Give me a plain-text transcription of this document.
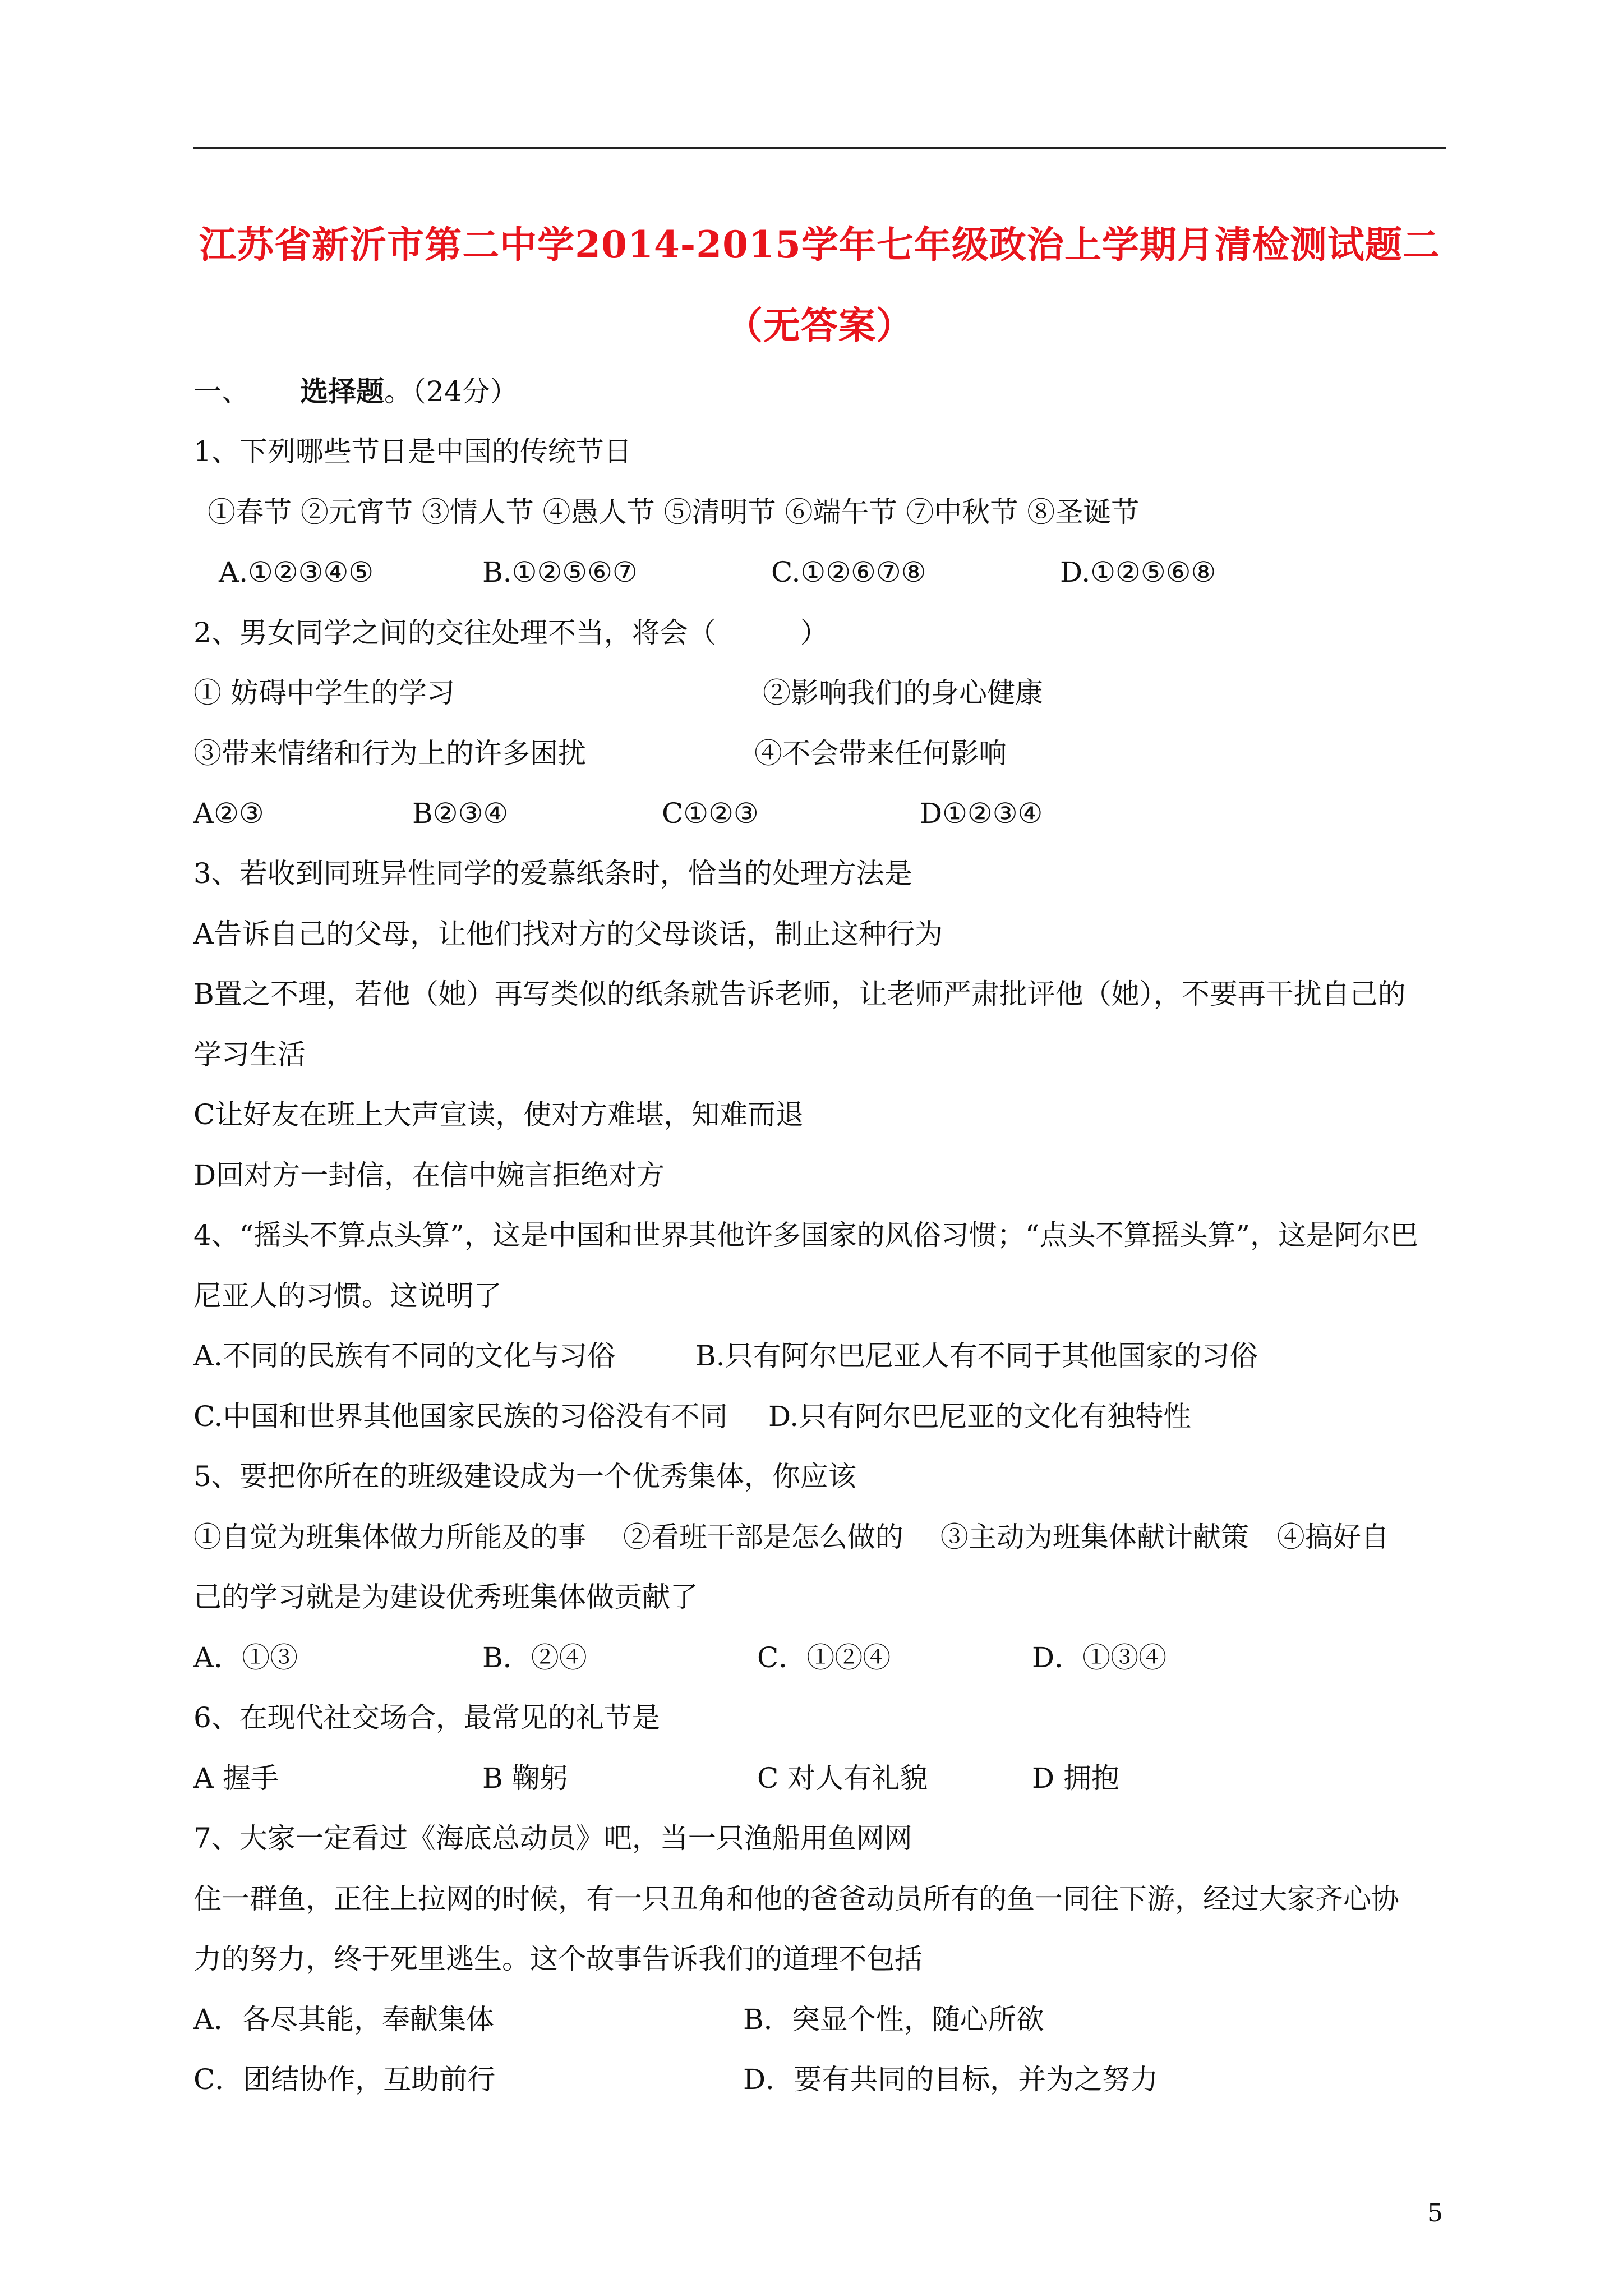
江苏省新沂市第二中学2014-2015学年七年级政治上学期月清检测试题二
（无答案）
一、 选择题。（24分）
1、下列哪些节日是中国的传统节日
①春节 ②元宵节 ③情人节 ④愚人节 ⑤清明节 ⑥端午节 ⑦中秋节 ⑧圣诞节
A.①②③④⑤	B.①②⑤⑥⑦	C.①②⑥⑦⑧	D.①②⑤⑥⑧
2、男女同学之间的交往处理不当，将会（　　　）
① 妨碍中学生的学习	②影响我们的身心健康
③带来情绪和行为上的许多困扰	④不会带来任何影响
A②③	B②③④	C①②③	D①②③④
3、若收到同班异性同学的爱慕纸条时，恰当的处理方法是
A告诉自己的父母，让他们找对方的父母谈话，制止这种行为
B置之不理，若他（她）再写类似的纸条就告诉老师，让老师严肃批评他（她），不要再干扰自己的
学习生活
C让好友在班上大声宣读，使对方难堪，知难而退
D回对方一封信，在信中婉言拒绝对方
4、“摇头不算点头算”，这是中国和世界其他许多国家的风俗习惯；“点头不算摇头算”，这是阿尔巴
尼亚人的习惯。这说明了
A.不同的民族有不同的文化与习俗	B.只有阿尔巴尼亚人有不同于其他国家的习俗
C.中国和世界其他国家民族的习俗没有不同 D.只有阿尔巴尼亚的文化有独特性
5、要把你所在的班级建设成为一个优秀集体，你应该
①自觉为班集体做力所能及的事　 ②看班干部是怎么做的　 ③主动为班集体献计献策　④搞好自
己的学习就是为建设优秀班集体做贡献了
A．①③	B．②④	C．①②④	D．①③④
6、在现代社交场合，最常见的礼节是
A 握手	B 鞠躬	C 对人有礼貌	D 拥抱
7、大家一定看过《海底总动员》吧，当一只渔船用鱼网网
住一群鱼，正往上拉网的时候，有一只丑角和他的爸爸动员所有的鱼一同往下游，经过大家齐心协
力的努力，终于死里逃生。这个故事告诉我们的道理不包括
A．各尽其能，奉献集体	B．突显个性，随心所欲
C．团结协作，互助前行	D．要有共同的目标，并为之努力
5
